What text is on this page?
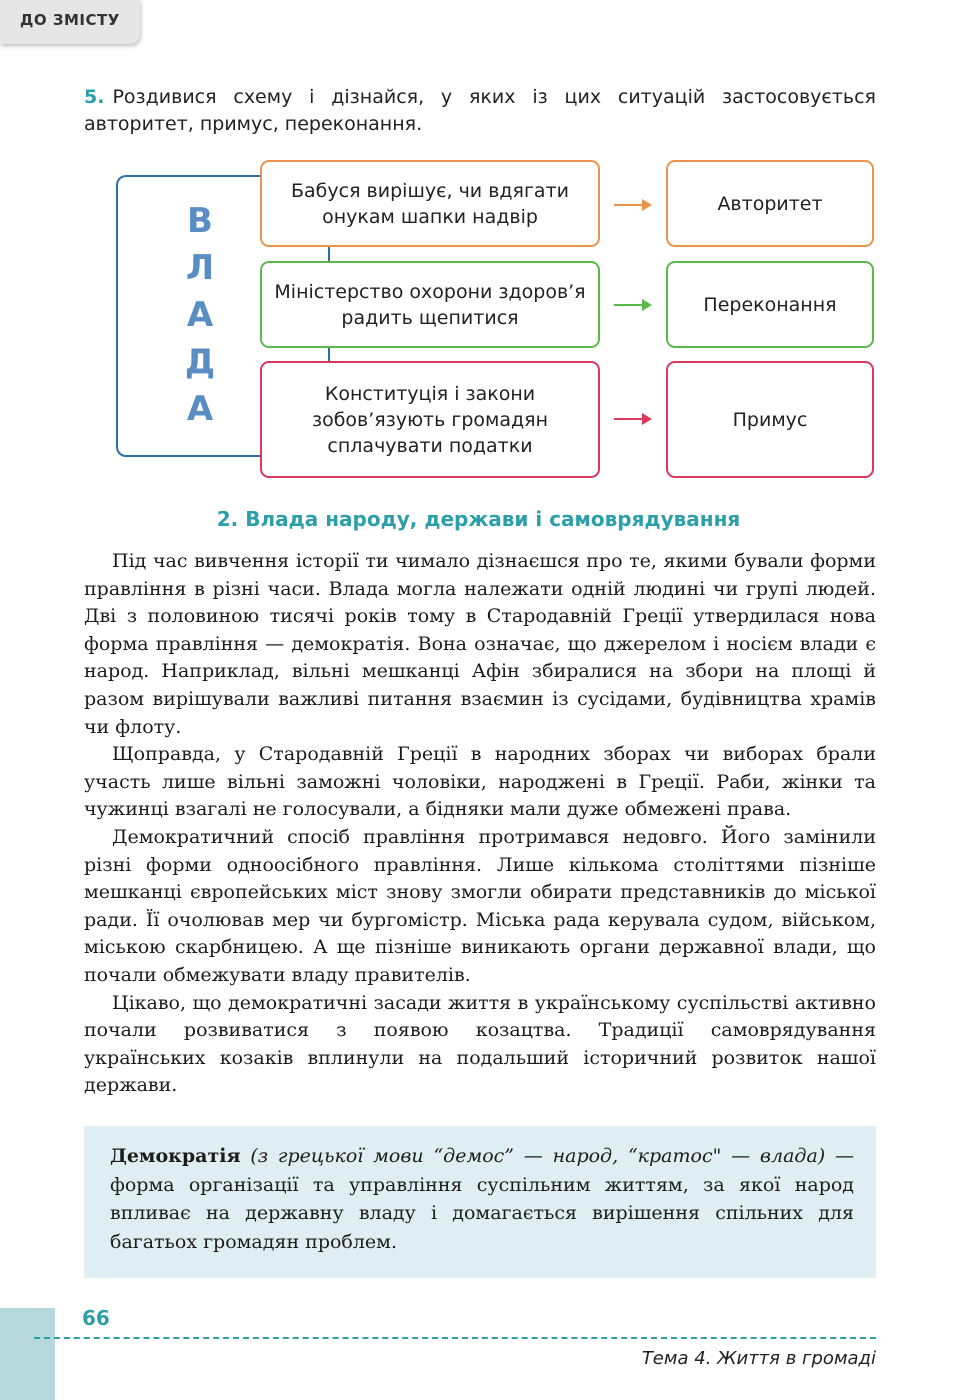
ДО ЗМІСТУ
5. Роздивися схему і дізнайся, у яких із цих ситуацій застосовується авторитет, примус, переконання.
В
Л
А
Д
А
Бабуся вирішує, чи вдягати онукам шапки надвір
Авторитет
Міністерство охорони здоров’я радить щепитися
Переконання
Конституція і закони зобов’язують громадян сплачувати податки
Примус
2. Влада народу, держави і самоврядування

Під час вивчення історії ти чимало дізнаєшся про те, якими бували форми правління в різні часи. Влада могла належати одній людині чи групі людей. Дві з половиною тисячі років тому в Стародавній Греції утвердилася нова форма правління — демократія. Вона означає, що джерелом і носієм влади є народ. Наприклад, вільні мешканці Афін збиралися на збори на площі й разом вирішували важливі питання взаємин із сусідами, будівництва храмів чи флоту.

Щоправда, у Стародавній Греції в народних зборах чи виборах брали участь лише вільні заможні чоловіки, народжені в Греції. Раби, жінки та чужинці взагалі не голосували, а бідняки мали дуже обмежені права.

Демократичний спосіб правління протримався недовго. Його замінили різні форми одноосібного правління. Лише кількома століттями пізніше мешканці європейських міст знову змогли обирати представників до міської ради. Її очолював мер чи бургомістр. Міська рада керувала судом, військом, міською скарбницею. А ще пізніше виникають органи державної влади, що почали обмежувати владу правителів.

Цікаво, що демократичні засади життя в українському суспільстві активно почали розвиватися з появою козацтва. Традиції самоврядування українських козаків вплинули на подальший історичний розвиток нашої держави.

Демократія (з грецької мови “демос” — народ, “кратос" — влада) — форма організації та управління суспільним життям, за якої народ впливає на державну владу і домагається вирішення спільних для багатьох громадян проблем.
66
Тема 4. Життя в громаді
